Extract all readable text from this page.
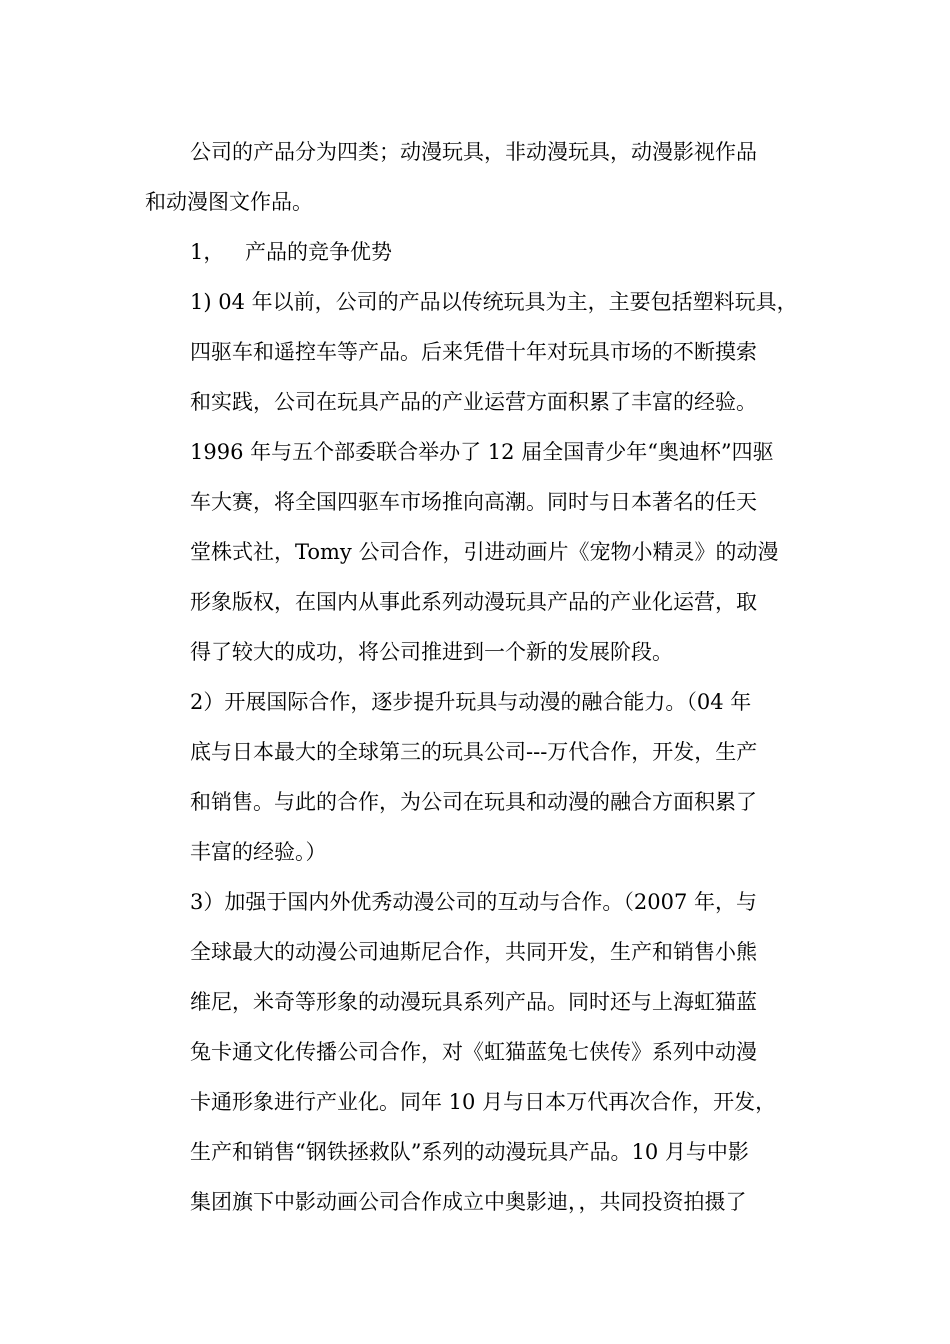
公司的产品分为四类；动漫玩具，非动漫玩具，动漫影视作品
和动漫图文作品。
1， 产品的竞争优势
1) 04 年以前，公司的产品以传统玩具为主，主要包括塑料玩具，
四驱车和遥控车等产品。后来凭借十年对玩具市场的不断摸索
和实践，公司在玩具产品的产业运营方面积累了丰富的经验。
1996 年与五个部委联合举办了 12 届全国青少年“奥迪杯”四驱
车大赛，将全国四驱车市场推向高潮。同时与日本著名的任天
堂株式社，Tomy 公司合作，引进动画片《宠物小精灵》的动漫
形象版权，在国内从事此系列动漫玩具产品的产业化运营，取
得了较大的成功，将公司推进到一个新的发展阶段。
2）开展国际合作，逐步提升玩具与动漫的融合能力。（04 年
底与日本最大的全球第三的玩具公司---万代合作，开发，生产
和销售。与此的合作，为公司在玩具和动漫的融合方面积累了
丰富的经验。）
3）加强于国内外优秀动漫公司的互动与合作。（2007 年，与
全球最大的动漫公司迪斯尼合作，共同开发，生产和销售小熊
维尼，米奇等形象的动漫玩具系列产品。同时还与上海虹猫蓝
兔卡通文化传播公司合作，对《虹猫蓝兔七侠传》系列中动漫
卡通形象进行产业化。同年 10 月与日本万代再次合作，开发，
生产和销售“钢铁拯救队”系列的动漫玩具产品。10 月与中影
集团旗下中影动画公司合作成立中奥影迪，，共同投资拍摄了
